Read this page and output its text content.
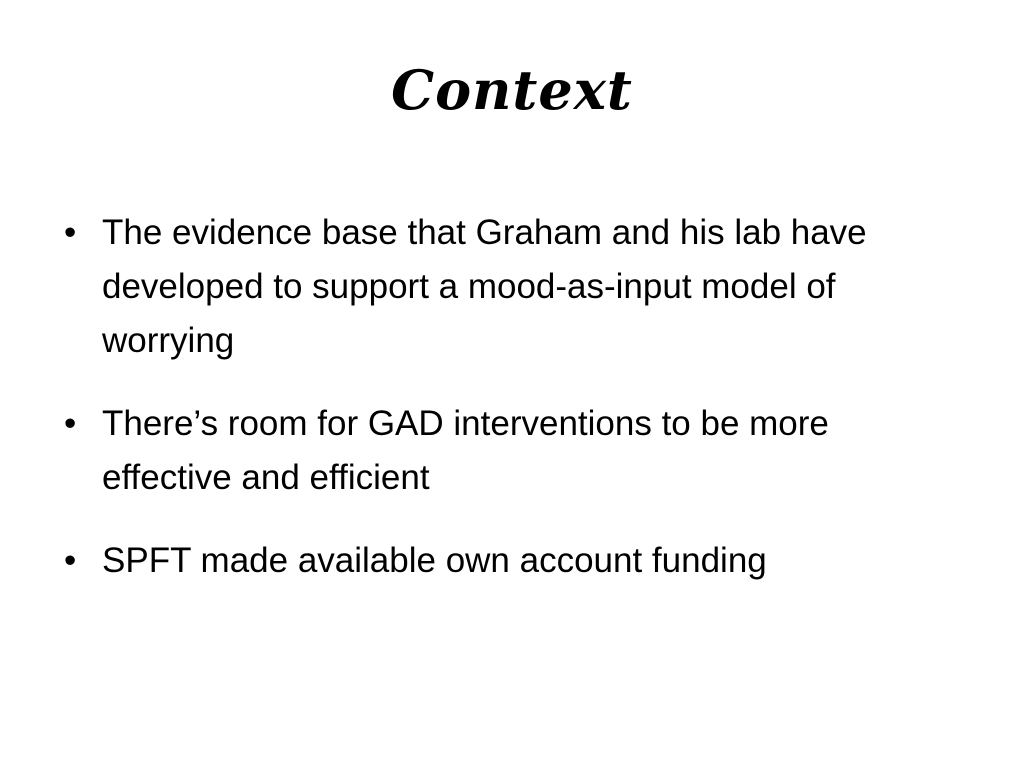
Context
• The evidence base that Graham and his lab have developed to support a mood-as-input model of worrying
• There’s room for GAD interventions to be more effective and efficient
• SPFT made available own account funding
